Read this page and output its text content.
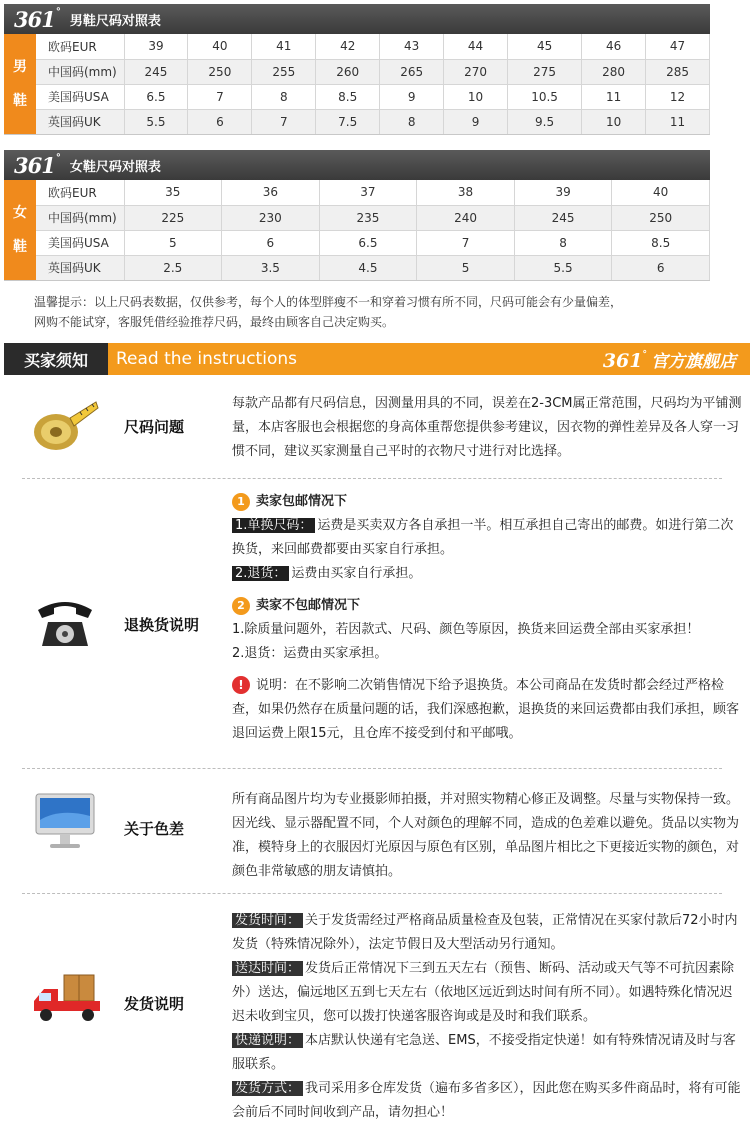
361°
男鞋尺码对照表
男
鞋
欧码EUR	39	40	41	42	43	44	45	46	47
中国码(mm)	245	250	255	260	265	270	275	280	285
美国码USA	6.5	7	8	8.5	9	10	10.5	11	12
英国码UK	5.5	6	7	7.5	8	9	9.5	10	11
361°
女鞋尺码对照表
女
鞋
欧码EUR	35	36	37	38	39	40
中国码(mm)	225	230	235	240	245	250
美国码USA	5	6	6.5	7	8	8.5
英国码UK	2.5	3.5	4.5	5	5.5	6
温馨提示：以上尺码表数据，仅供参考，每个人的体型胖瘦不一和穿着习惯有所不同，尺码可能会有少量偏差，
网购不能试穿，客服凭借经验推荐尺码，最终由顾客自己决定购买。
买家须知	Read the instructions	361° 官方旗舰店
尺码问题
每款产品都有尺码信息，因测量用具的不同，误差在2-3CM属正常范围，尺码均为平铺测量，本店客服也会根据您的身高体重帮您提供参考建议，因衣物的弹性差异及各人穿一习惯不同，建议买家测量自己平时的衣物尺寸进行对比选择。
退换货说明
1 卖家包邮情况下
1.单换尺码： 运费是买卖双方各自承担一半。相互承担自己寄出的邮费。如进行第二次换货，来回邮费都要由买家自行承担。
2.退货： 运费由买家自行承担。
2 卖家不包邮情况下
1.除质量问题外，若因款式、尺码、颜色等原因，换货来回运费全部由买家承担！
2.退货：运费由买家承担。
! 说明：在不影响二次销售情况下给予退换货。本公司商品在发货时都会经过严格检查，如果仍然存在质量问题的话，我们深感抱歉，退换货的来回运费都由我们承担，顾客退回运费上限15元，且仓库不接受到付和平邮哦。
关于色差
所有商品图片均为专业摄影师拍摄，并对照实物精心修正及调整。尽量与实物保持一致。因光线、显示器配置不同，个人对颜色的理解不同，造成的色差难以避免。货品以实物为准，模特身上的衣服因灯光原因与原色有区别，单品图片相比之下更接近实物的颜色，对颜色非常敏感的朋友请慎拍。
发货说明
发货时间： 关于发货需经过严格商品质量检查及包装，正常情况在买家付款后72小时内发货（特殊情况除外），法定节假日及大型活动另行通知。
送达时间： 发货后正常情况下三到五天左右（预售、断码、活动或天气等不可抗因素除外）送达，偏远地区五到七天左右（依地区远近到达时间有所不同）。如遇特殊化情况迟迟未收到宝贝，您可以拨打快递客服咨询或是及时和我们联系。
快递说明： 本店默认快递有宅急送、EMS，不接受指定快递！如有特殊情况请及时与客服联系。
发货方式： 我司采用多仓库发货（遍布多省多区），因此您在购买多件商品时，将有可能会前后不同时间收到产品，请勿担心！
